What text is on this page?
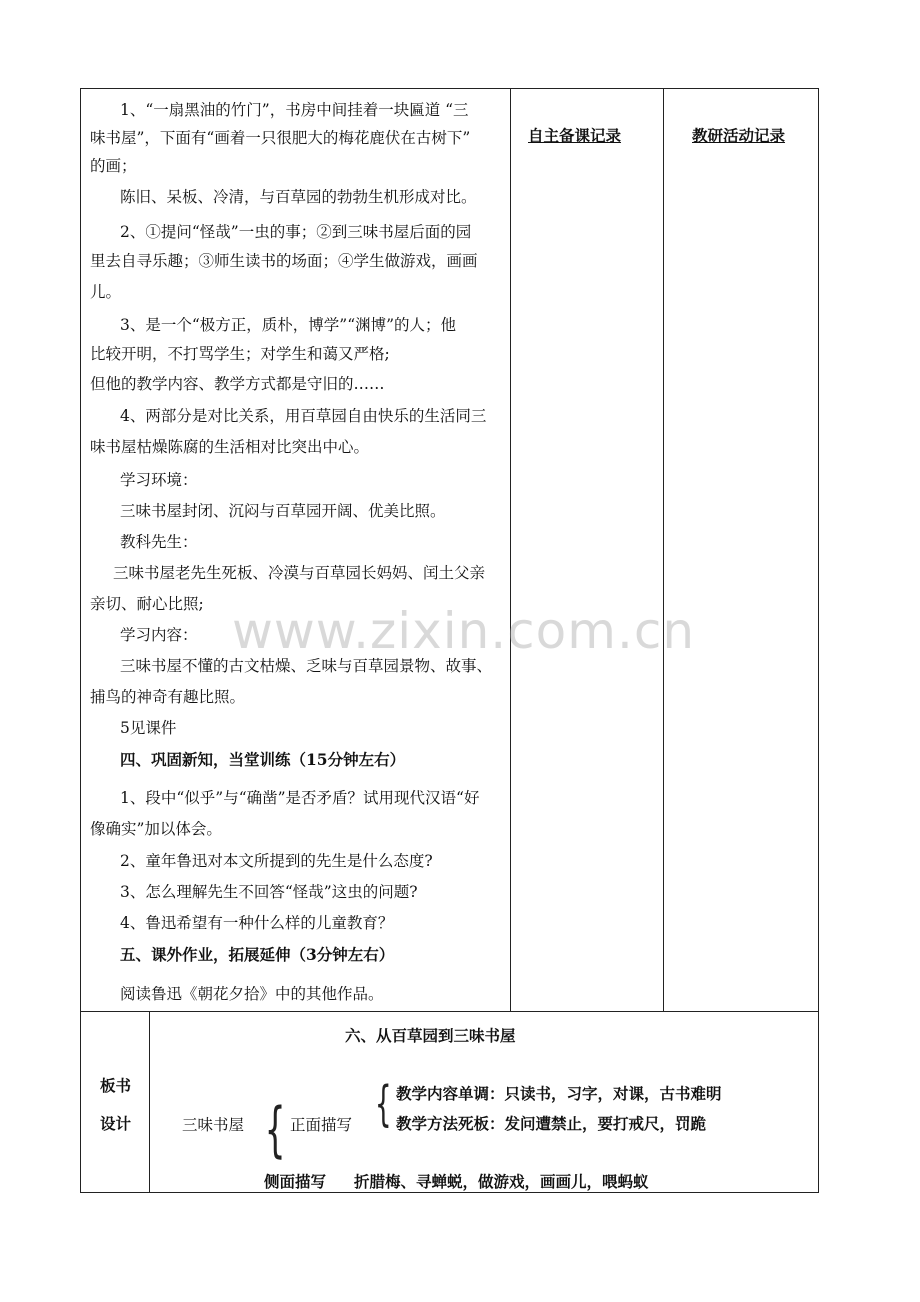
自主备课记录	教研活动记录
1、“一扇黑油的竹门”，书房中间挂着一块匾道 “三
味书屋”，下面有“画着一只很肥大的梅花鹿伏在古树下”
的画；
陈旧、呆板、冷清，与百草园的勃勃生机形成对比。
2、①提问“怪哉”一虫的事；②到三味书屋后面的园
里去自寻乐趣；③师生读书的场面；④学生做游戏，画画
儿。
3、是一个“极方正，质朴，博学”“渊博”的人；他
比较开明，不打骂学生；对学生和蔼又严格;
但他的教学内容、教学方式都是守旧的……
4、两部分是对比关系，用百草园自由快乐的生活同三
味书屋枯燥陈腐的生活相对比突出中心。
学习环境：
三味书屋封闭、沉闷与百草园开阔、优美比照。
教科先生：
三味书屋老先生死板、冷漠与百草园长妈妈、闰土父亲
亲切、耐心比照;
学习内容：
三味书屋不懂的古文枯燥、乏味与百草园景物、故事、
捕鸟的神奇有趣比照。
5见课件
四、巩固新知，当堂训练（15分钟左右）
1、段中“似乎”与“确凿”是否矛盾？试用现代汉语“好
像确实”加以体会。
2、童年鲁迅对本文所提到的先生是什么态度?
3、怎么理解先生不回答“怪哉”这虫的问题?
4、鲁迅希望有一种什么样的儿童教育？
五、课外作业，拓展延伸（3分钟左右）
阅读鲁迅《朝花夕拾》中的其他作品。
www.zixin.com.cn
板书
设计
六、从百草园到三味书屋
三味书屋 { 正面描写 { 教学内容单调：只读书，习字，对课，古书难明
教学方法死板：发问遭禁止，要打戒尺，罚跪
侧面描写 折腊梅、寻蝉蜕，做游戏，画画儿，喂蚂蚁
